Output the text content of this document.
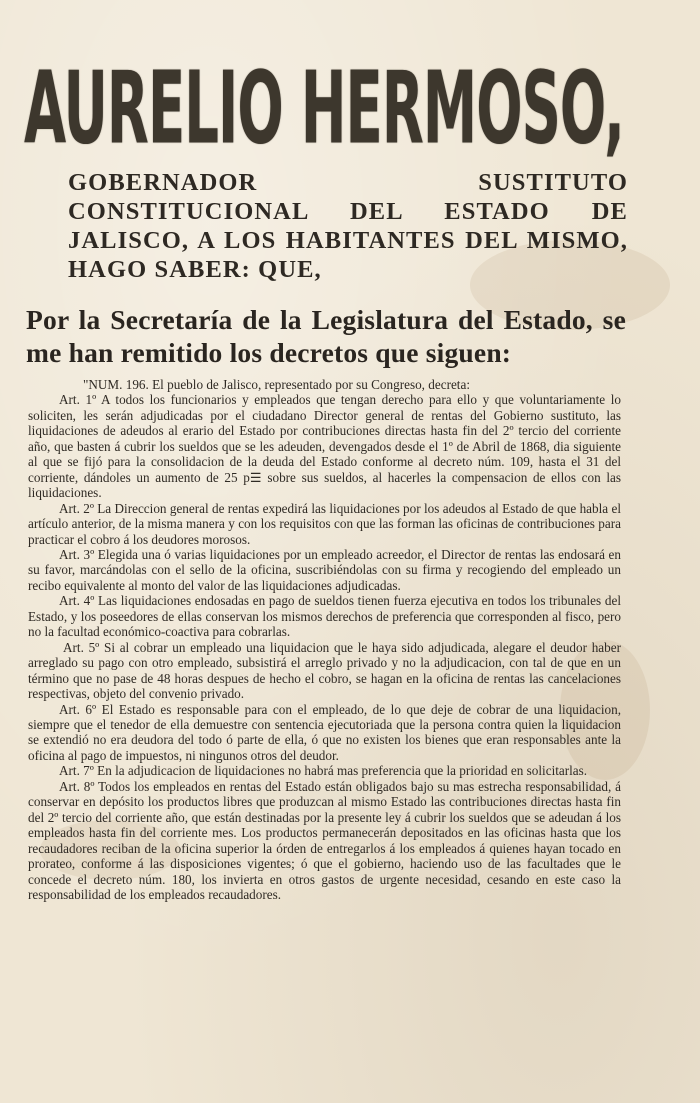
AURELIO HERMOSO,

GOBERNADOR SUSTITUTO CONSTITUCIONAL DEL ESTADO DE JALISCO, A LOS HABITANTES DEL MISMO, HAGO SABER: QUE,

Por la Secretaría de la Legislatura del Estado, se me han remitido los decretos que siguen:

"NUM. 196. El pueblo de Jalisco, representado por su Congreso, decreta:

Art. 1º A todos los funcionarios y empleados que tengan derecho para ello y que voluntariamente lo soliciten, les serán adjudicadas por el ciudadano Director general de rentas del Gobierno sustituto, las liquidaciones de adeudos al erario del Estado por contribuciones directas hasta fin del 2º tercio del corriente año, que basten á cubrir los sueldos que se les adeuden, devengados desde el 1º de Abril de 1868, dia siguiente al que se fijó para la consolidacion de la deuda del Estado conforme al decreto núm. 109, hasta el 31 del corriente, dándoles un aumento de 25 p☰ sobre sus sueldos, al hacerles la compensacion de ellos con las liquidaciones.

Art. 2º La Direccion general de rentas expedirá las liquidaciones por los adeudos al Estado de que habla el artículo anterior, de la misma manera y con los requisitos con que las forman las oficinas de contribuciones para practicar el cobro á los deudores morosos.

Art. 3º Elegida una ó varias liquidaciones por un empleado acreedor, el Director de rentas las endosará en su favor, marcándolas con el sello de la oficina, suscribiéndolas con su firma y recogiendo del empleado un recibo equivalente al monto del valor de las liquidaciones adjudicadas.

Art. 4º Las liquidaciones endosadas en pago de sueldos tienen fuerza ejecutiva en todos los tribunales del Estado, y los poseedores de ellas conservan los mismos derechos de preferencia que corresponden al fisco, pero no la facultad económico-coactiva para cobrarlas.

Art. 5º Si al cobrar un empleado una liquidacion que le haya sido adjudicada, alegare el deudor haber arreglado su pago con otro empleado, subsistirá el arreglo privado y no la adjudicacion, con tal de que en un término que no pase de 48 horas despues de hecho el cobro, se hagan en la oficina de rentas las cancelaciones respectivas, objeto del convenio privado.

Art. 6º El Estado es responsable para con el empleado, de lo que deje de cobrar de una liquidacion, siempre que el tenedor de ella demuestre con sentencia ejecutoriada que la persona contra quien la liquidacion se extendió no era deudora del todo ó parte de ella, ó que no existen los bienes que eran responsables ante la oficina al pago de impuestos, ni ningunos otros del deudor.

Art. 7º En la adjudicacion de liquidaciones no habrá mas preferencia que la prioridad en solicitarlas.

Art. 8º Todos los empleados en rentas del Estado están obligados bajo su mas estrecha responsabilidad, á conservar en depósito los productos libres que produzcan al mismo Estado las contribuciones directas hasta fin del 2º tercio del corriente año, que están destinadas por la presente ley á cubrir los sueldos que se adeudan á los empleados hasta fin del corriente mes. Los productos permanecerán depositados en las oficinas hasta que los recaudadores reciban de la oficina superior la órden de entregarlos á los empleados á quienes hayan tocado en prorateo, conforme á las disposiciones vigentes; ó que el gobierno, haciendo uso de las facultades que le concede el decreto núm. 180, los invierta en otros gastos de urgente necesidad, cesando en este caso la responsabilidad de los empleados recaudadores.
